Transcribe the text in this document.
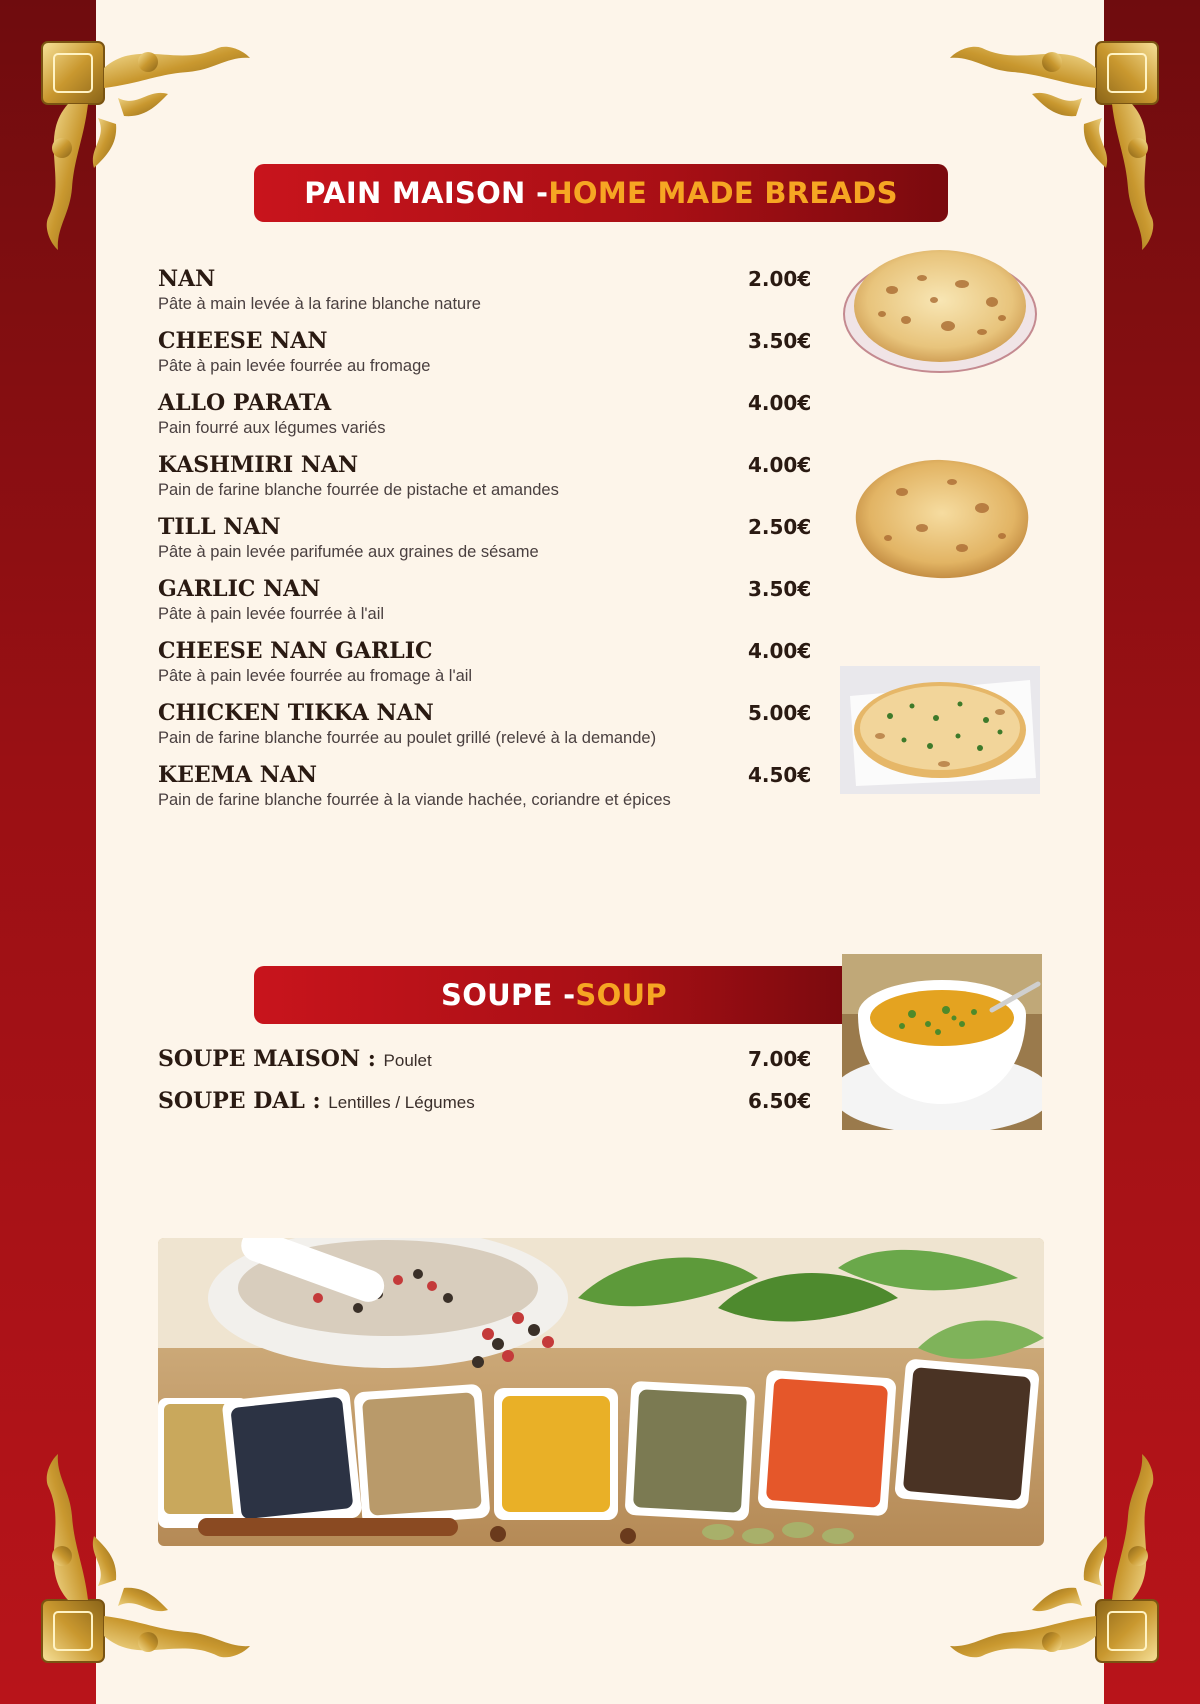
PAIN MAISON - HOME MADE BREADS
NAN
Pâte à main levée à la farine blanche nature
2.00€
CHEESE NAN
Pâte à pain levée fourrée au fromage
3.50€
ALLO PARATA
Pain fourré aux légumes variés
4.00€
KASHMIRI NAN
Pain de farine blanche fourrée de pistache et amandes
4.00€
TILL NAN
Pâte à pain levée parifumée aux graines de sésame
2.50€
GARLIC NAN
Pâte à pain levée fourrée à l'ail
3.50€
CHEESE NAN GARLIC
Pâte à pain levée fourrée au fromage à l'ail
4.00€
CHICKEN TIKKA NAN
Pain de farine blanche fourrée au poulet grillé (relevé à la demande)
5.00€
KEEMA NAN
Pain de farine blanche fourrée à la viande hachée, coriandre et épices
4.50€
SOUPE - SOUP
SOUPE MAISON : Poulet	7.00€
SOUPE DAL : Lentilles / Légumes	6.50€
